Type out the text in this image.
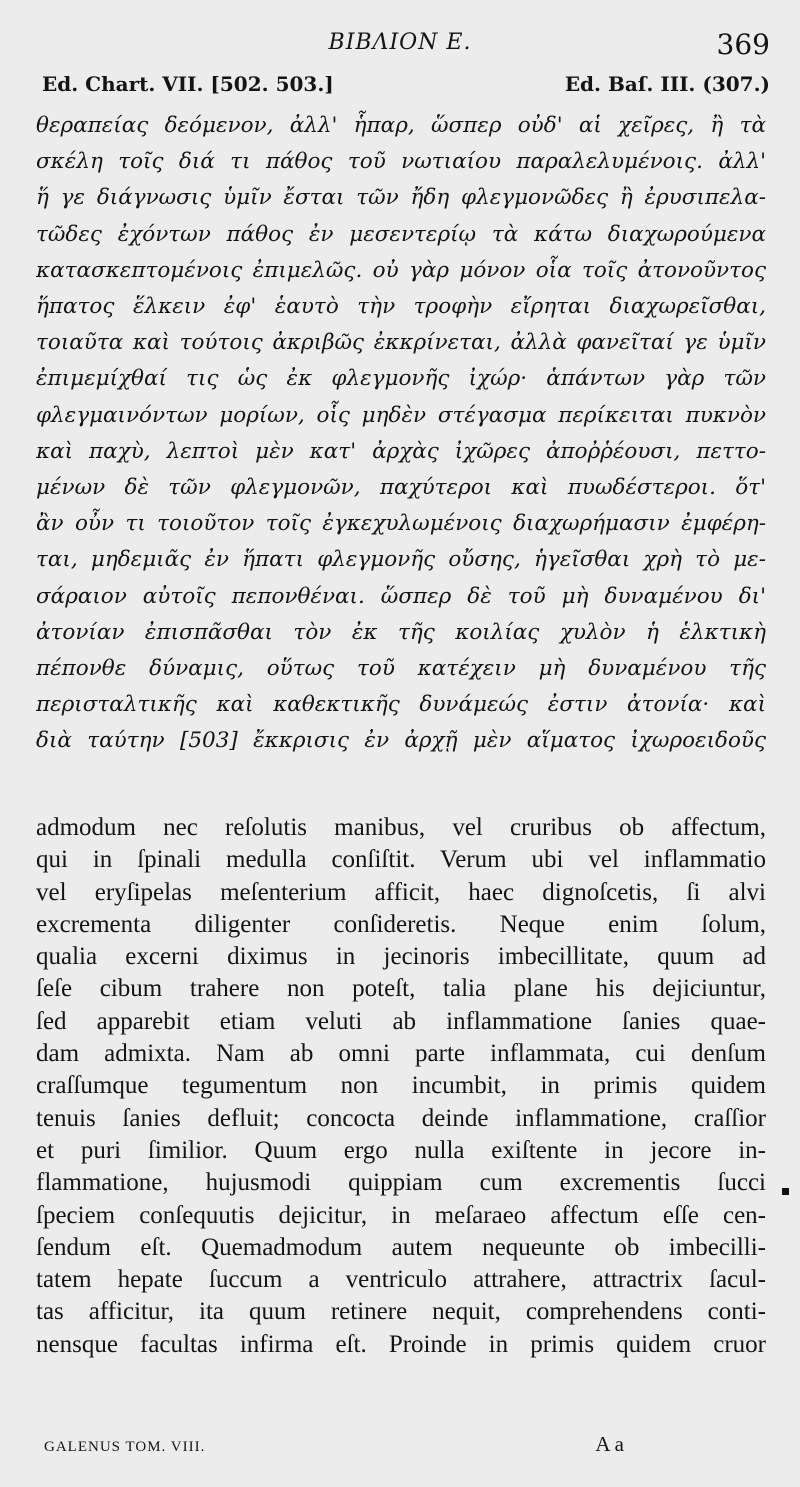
BIBΛΙΟΝ E.	369
Ed. Chart. VII. [502. 503.]	Ed. Baſ. III. (307.)
θεραπείας δεόμενον, ἀλλ' ἧπαρ, ὥσπερ οὐδ' αἱ χεῖρες, ἢ τὰ
σκέλη τοῖς διά τι πάθος τοῦ νωτιαίου παραλελυμένοις. ἀλλ'
ἥ γε διάγνωσις ὑμῖν ἔσται τῶν ἤδη φλεγμονῶδες ἢ ἐρυσιπελα-
τῶδες ἐχόντων πάθος ἐν μεσεντερίῳ τὰ κάτω διαχωρούμενα
κατασκεπτομένοις ἐπιμελῶς. οὐ γὰρ μόνον οἷα τοῖς ἀτονοῦντος
ἥπατος ἕλκειν ἐφ' ἑαυτὸ τὴν τροφὴν εἴρηται διαχωρεῖσθαι,
τοιαῦτα καὶ τούτοις ἀκριβῶς ἐκκρίνεται, ἀλλὰ φανεῖταί γε ὑμῖν
ἐπιμεμίχθαί τις ὡς ἐκ φλεγμονῆς ἰχώρ· ἁπάντων γὰρ τῶν
φλεγμαινόντων μορίων, οἷς μηδὲν στέγασμα περίκειται πυκνὸν
καὶ παχὺ, λεπτοὶ μὲν κατ' ἀρχὰς ἰχῶρες ἀποῤῥέουσι, πεττο-
μένων δὲ τῶν φλεγμονῶν, παχύτεροι καὶ πυωδέστεροι. ὅτ'
ἂν οὖν τι τοιοῦτον τοῖς ἐγκεχυλωμένοις διαχωρήμασιν ἐμφέρη-
ται, μηδεμιᾶς ἐν ἥπατι φλεγμονῆς οὔσης, ἡγεῖσθαι χρὴ τὸ με-
σάραιον αὐτοῖς πεπονθέναι. ὥσπερ δὲ τοῦ μὴ δυναμένου δι'
ἀτονίαν ἐπισπᾶσθαι τὸν ἐκ τῆς κοιλίας χυλὸν ἡ ἑλκτικὴ
πέπονθε δύναμις, οὕτως τοῦ κατέχειν μὴ δυναμένου τῆς
περισταλτικῆς καὶ καθεκτικῆς δυνάμεώς ἐστιν ἀτονία· καὶ
διὰ ταύτην [503] ἔκκρισις ἐν ἀρχῇ μὲν αἵματος ἰχωροειδοῦς
admodum nec reſolutis manibus, vel cruribus ob affectum,
qui in ſpinali medulla conſiſtit. Verum ubi vel inflammatio
vel eryſipelas meſenterium afficit, haec dignoſcetis, ſi alvi
excrementa diligenter conſideretis. Neque enim ſolum,
qualia excerni diximus in jecinoris imbecillitate, quum ad
ſeſe cibum trahere non poteſt, talia plane his dejiciuntur,
ſed apparebit etiam veluti ab inflammatione ſanies quae-
dam admixta. Nam ab omni parte inflammata, cui denſum
craſſumque tegumentum non incumbit, in primis quidem
tenuis ſanies defluit; concocta deinde inflammatione, craſſior
et puri ſimilior. Quum ergo nulla exiſtente in jecore in-
flammatione, hujusmodi quippiam cum excrementis ſucci
ſpeciem conſequutis dejicitur, in meſaraeo affectum eſſe cen-
ſendum eſt. Quemadmodum autem nequeunte ob imbecilli-
tatem hepate ſuccum a ventriculo attrahere, attractrix ſacul-
tas afficitur, ita quum retinere nequit, comprehendens conti-
nensque facultas infirma eſt. Proinde in primis quidem cruor
GALENUS TOM. VIII.	A a
